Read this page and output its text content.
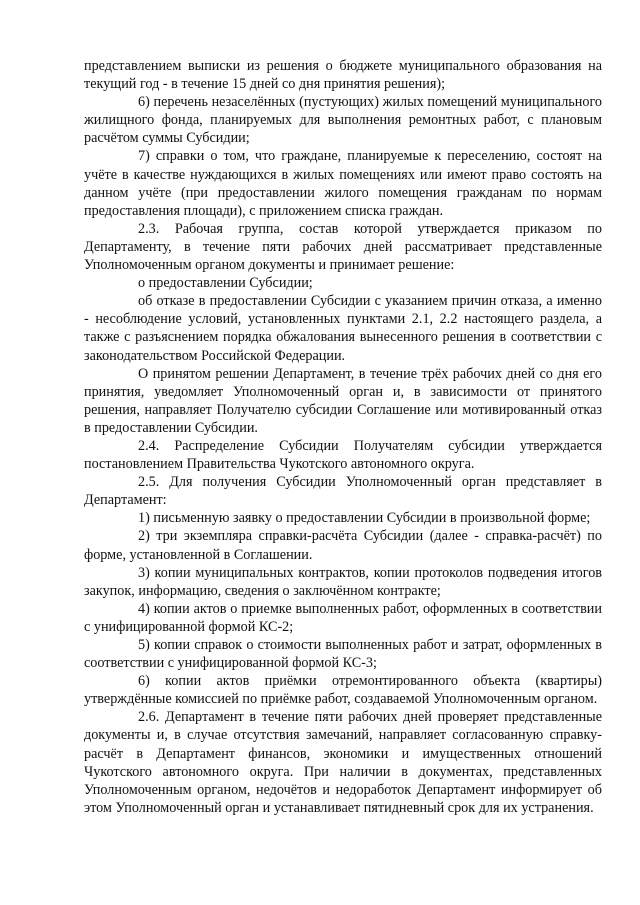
представлением выписки из решения о бюджете муниципального образования на текущий год - в течение 15 дней со дня принятия решения);

6) перечень незаселённых (пустующих) жилых помещений муниципального жилищного фонда, планируемых для выполнения ремонтных работ, с плановым расчётом суммы Субсидии;

7) справки о том, что граждане, планируемые к переселению, состоят на учёте в качестве нуждающихся в жилых помещениях или имеют право состоять на данном учёте (при предоставлении жилого помещения гражданам по нормам предоставления площади), с приложением списка граждан.

2.3. Рабочая группа, состав которой утверждается приказом по Департаменту, в течение пяти рабочих дней рассматривает представленные Уполномоченным органом документы и принимает решение:

о предоставлении Субсидии;

об отказе в предоставлении Субсидии с указанием причин отказа, а именно - несоблюдение условий, установленных пунктами 2.1, 2.2 настоящего раздела, а также с разъяснением порядка обжалования вынесенного решения в соответствии с законодательством Российской Федерации.

О принятом решении Департамент, в течение трёх рабочих дней со дня его принятия, уведомляет Уполномоченный орган и, в зависимости от принятого решения, направляет Получателю субсидии Соглашение или мотивированный отказ в предоставлении Субсидии.

2.4. Распределение Субсидии Получателям субсидии утверждается постановлением Правительства Чукотского автономного округа.

2.5. Для получения Субсидии Уполномоченный орган представляет в Департамент:

1) письменную заявку о предоставлении Субсидии в произвольной форме;

2) три экземпляра справки-расчёта Субсидии (далее - справка-расчёт) по форме, установленной в Соглашении.

3) копии муниципальных контрактов, копии протоколов подведения итогов закупок, информацию, сведения о заключённом контракте;

4) копии актов о приемке выполненных работ, оформленных в соответствии с унифицированной формой КС-2;

5) копии справок о стоимости выполненных работ и затрат, оформленных в соответствии с унифицированной формой КС-3;

6) копии актов приёмки отремонтированного объекта (квартиры) утверждённые комиссией по приёмке работ, создаваемой Уполномоченным органом.

2.6. Департамент в течение пяти рабочих дней проверяет представленные документы и, в случае отсутствия замечаний, направляет согласованную справку-расчёт в Департамент финансов, экономики и имущественных отношений Чукотского автономного округа. При наличии в документах, представленных Уполномоченным органом, недочётов и недоработок Департамент информирует об этом Уполномоченный орган и устанавливает пятидневный срок для их устранения.
